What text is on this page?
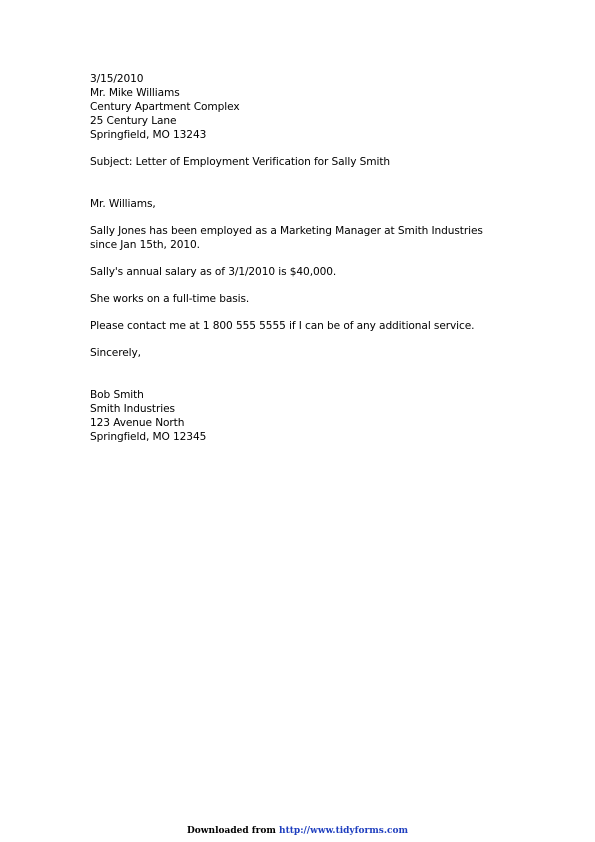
3/15/2010
Mr. Mike Williams
Century Apartment Complex
25 Century Lane
Springfield, MO 13243
Subject: Letter of Employment Verification for Sally Smith
Mr. Williams,
Sally Jones has been employed as a Marketing Manager at Smith Industries
since Jan 15th, 2010.
Sally's annual salary as of 3/1/2010 is $40,000.
She works on a full-time basis.
Please contact me at 1 800 555 5555 if I can be of any additional service.
Sincerely,
Bob Smith
Smith Industries
123 Avenue North
Springfield, MO 12345
Downloaded from http://www.tidyforms.com
